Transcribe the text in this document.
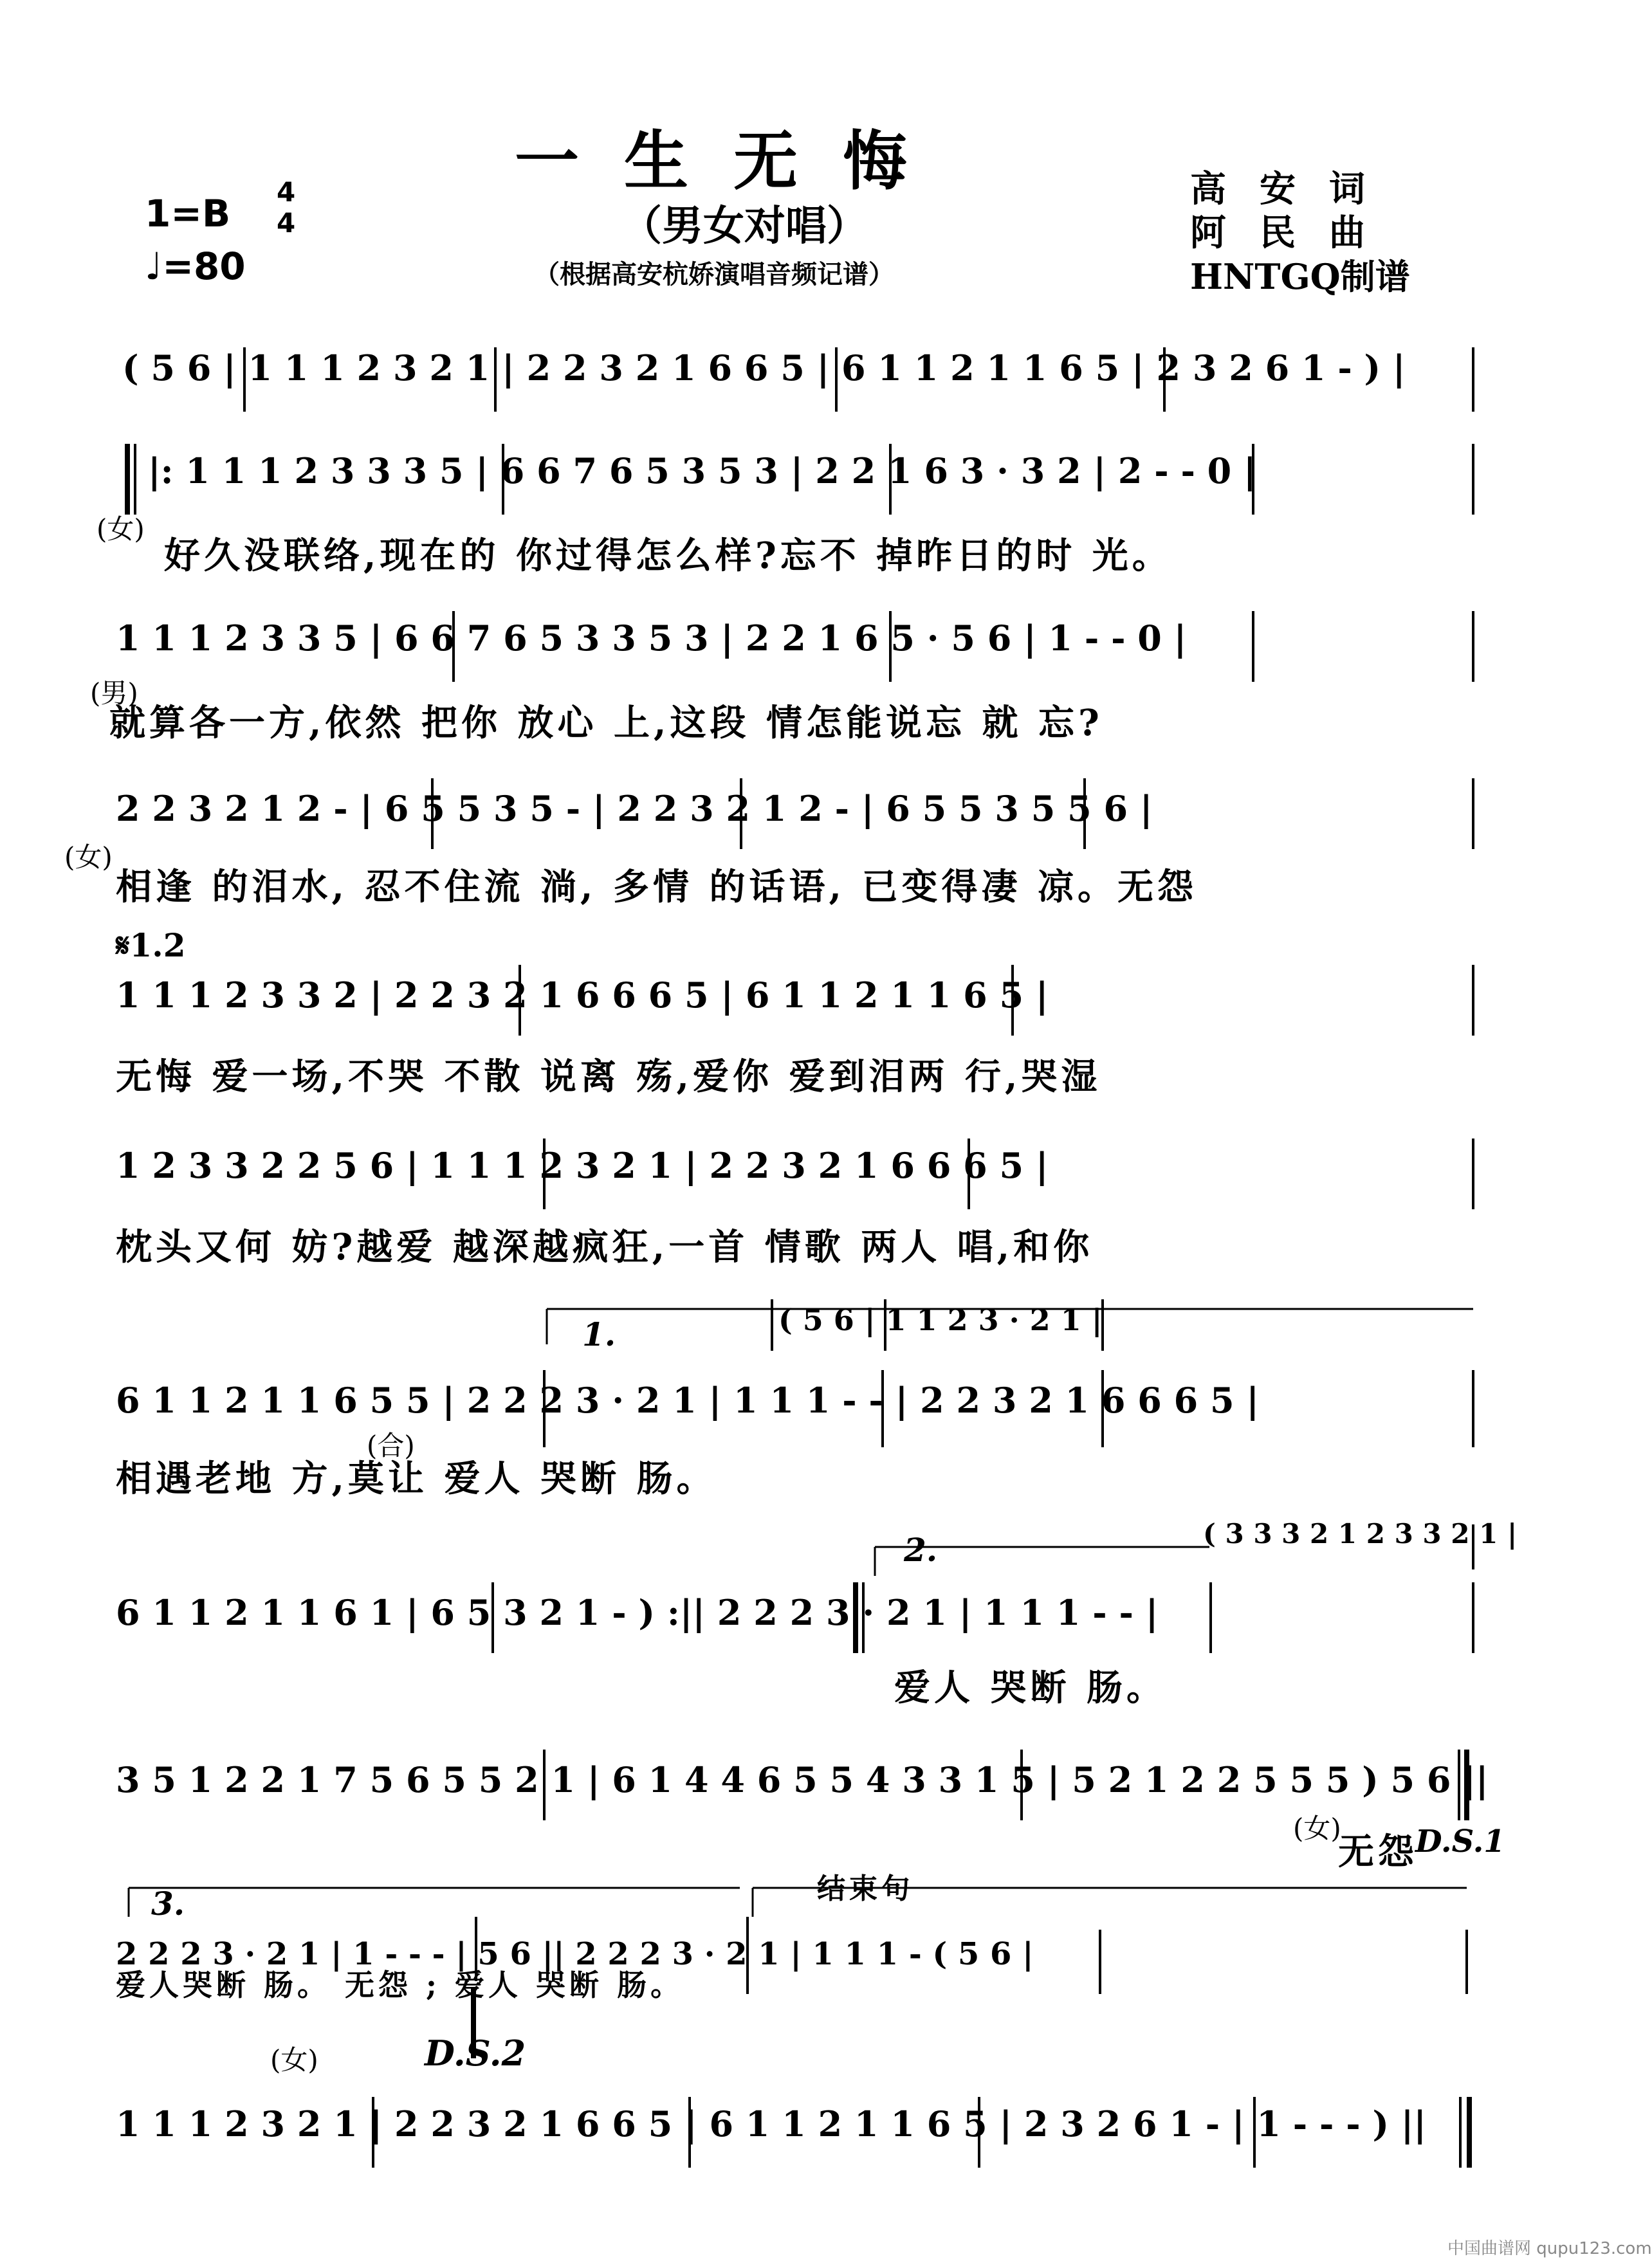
一生无悔
（男女对唱）
（根据高安杭娇演唱音频记谱）
高安词
阿民曲
HNTGQ制谱
1=B 4
4
♩=80
( 5 6 | 1 1 1 2 3 2 1 | 2 2 3 2 1 6 6 5 | 6 1 1 2 1 1 6 5 | 2 3 2 6 1 - ) |
|: 1 1 1 2 3 3 3 5 | 6 6 7 6 5 3 5 3 | 2 2 1 6 3 · 3 2 | 2 - - 0 |
(女)
好久没联络,现在的 你过得怎么样?忘不 掉昨日的时 光。
1 1 1 2 3 3 5 | 6 6 7 6 5 3 3 5 3 | 2 2 1 6 5 · 5 6 | 1 - - 0 |
(男)
就算各一方,依然 把你 放心 上,这段 情怎能说忘 就 忘?
2 2 3 2 1 2 - | 6 5 5 3 5 - | 2 2 3 2 1 2 - | 6 5 5 3 5 5 6 |
(女)
相逢 的泪水, 忍不住流 淌, 多情 的话语, 已变得凄 凉。无怨
𝄋1.2
1 1 1 2 3 3 2 | 2 2 3 2 1 6 6 6 5 | 6 1 1 2 1 1 6 5 |
无悔 爱一场,不哭 不散 说离 殇,爱你 爱到泪两 行,哭湿
1 2 3 3 2 2 5 6 | 1 1 1 2 3 2 1 | 2 2 3 2 1 6 6 6 5 |
枕头又何 妨?越爱 越深越疯狂,一首 情歌 两人 唱,和你
1.	( 5 6 | 1 1 2 3 · 2 1 |
6 1 1 2 1 1 6 5 5 | 2 2 2 3 · 2 1 | 1 1 1 - - | 2 2 3 2 1 6 6 6 5 |
(合)
相遇老地 方,莫让 爱人 哭断 肠。
2.	( 3 3 3 2 1 2 3 3 2 1 |
6 1 1 2 1 1 6 1 | 6 5 3 2 1 - ) :|| 2 2 2 3 · 2 1 | 1 1 1 - - |
爱人 哭断 肠。
3 5 1 2 2 1 7 5 6 5 5 2 1 | 6 1 4 4 6 5 5 4 3 3 1 5 | 5 2 1 2 2 5 5 5 ) 5 6 ||
(女)
无怨
D.S.1
3.	结束句
2 2 2 3 · 2 1 | 1 - - - | 5 6 || 2 2 2 3 · 2 1 | 1 1 1 - ( 5 6 |
(女)
爱人哭断 肠。 无怨 ; 爱人 哭断 肠。
D.S.2
1 1 1 2 3 2 1 | 2 2 3 2 1 6 6 5 | 6 1 1 2 1 1 6 5 | 2 3 2 6 1 - | 1 - - - ) ||
中国曲谱网 qupu123.com
